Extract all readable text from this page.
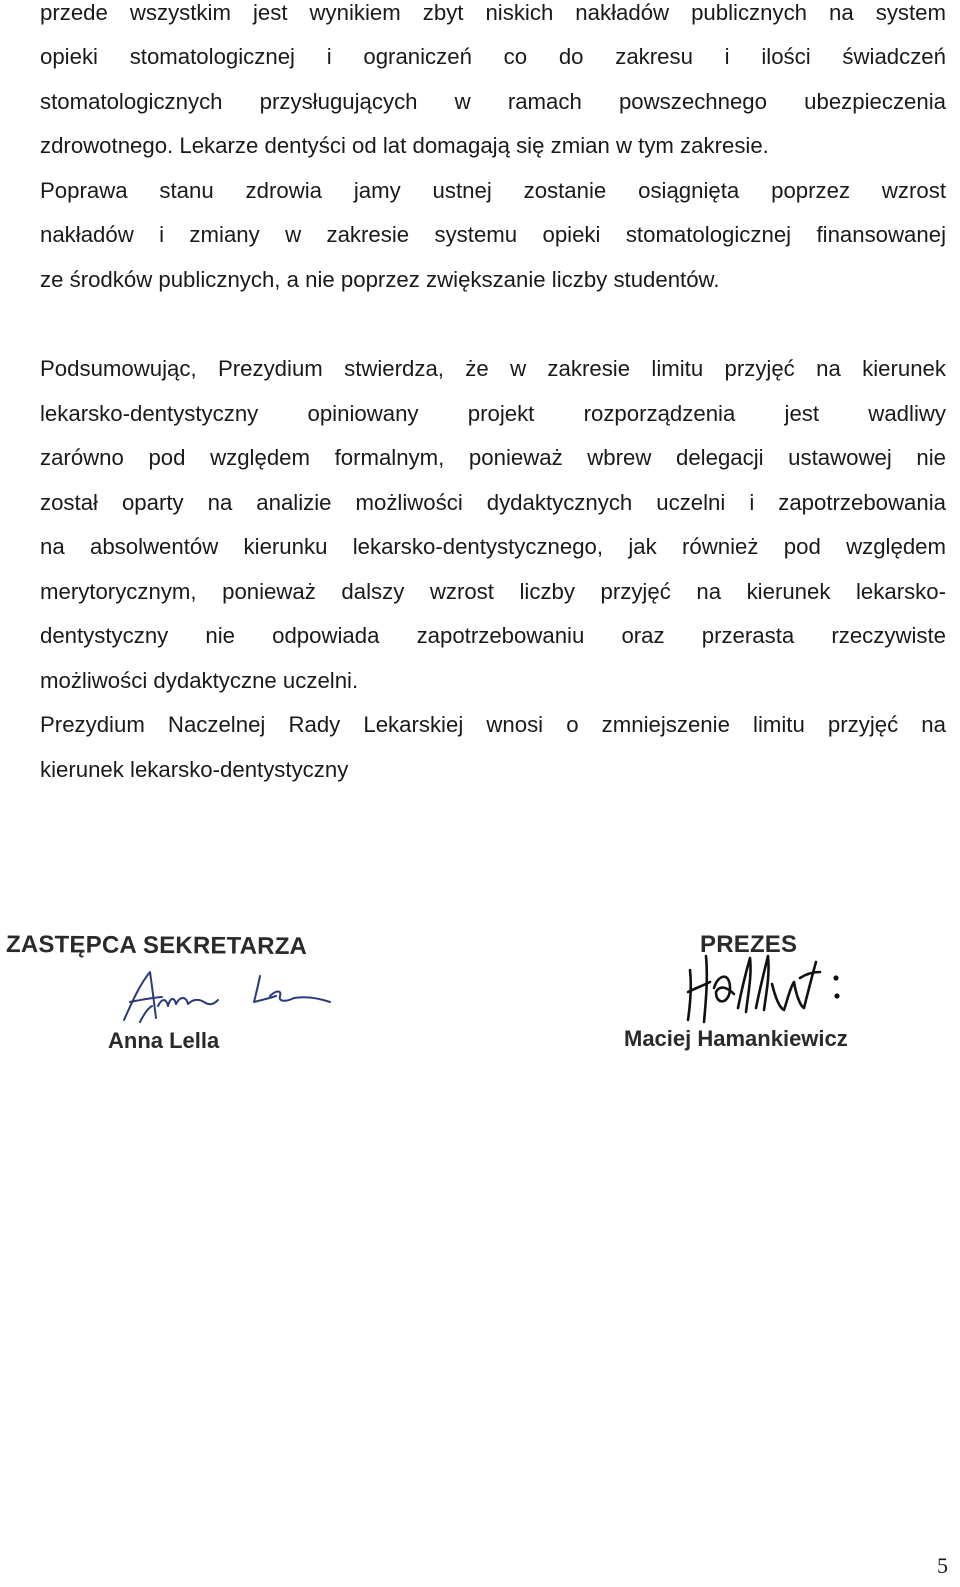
przede wszystkim jest wynikiem zbyt niskich nakładów publicznych na system
opieki stomatologicznej i ograniczeń co do zakresu i ilości świadczeń
stomatologicznych przysługujących w ramach powszechnego ubezpieczenia
zdrowotnego. Lekarze dentyści od lat domagają się zmian w tym zakresie.
Poprawa stanu zdrowia jamy ustnej zostanie osiągnięta poprzez wzrost
nakładów i zmiany w zakresie systemu opieki stomatologicznej finansowanej
ze środków publicznych, a nie poprzez zwiększanie liczby studentów.
Podsumowując, Prezydium stwierdza, że w zakresie limitu przyjęć na kierunek
lekarsko-dentystyczny opiniowany projekt rozporządzenia jest wadliwy
zarówno pod względem formalnym, ponieważ wbrew delegacji ustawowej nie
został oparty na analizie możliwości dydaktycznych uczelni i zapotrzebowania
na absolwentów kierunku lekarsko-dentystycznego, jak również pod względem
merytorycznym, ponieważ dalszy wzrost liczby przyjęć na kierunek lekarsko-
dentystyczny nie odpowiada zapotrzebowaniu oraz przerasta rzeczywiste
możliwości dydaktyczne uczelni.
Prezydium Naczelnej Rady Lekarskiej wnosi o zmniejszenie limitu przyjęć na
kierunek lekarsko-dentystyczny
ZASTĘPCA SEKRETARZA
Anna Lella
PREZES
Maciej Hamankiewicz
5
